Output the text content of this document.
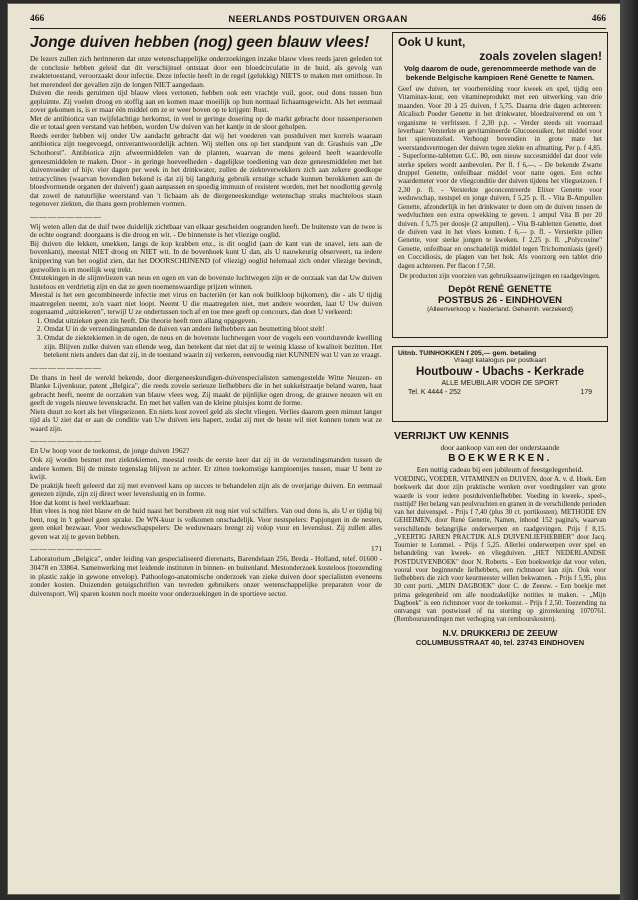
466	NEERLANDS POSTDUIVEN ORGAAN	466
Jonge duiven hebben (nog) geen blauw vlees!

De lezers zullen zich herinneren dat onze wetenschappelijke onderzoekingen inzake blauw vlees reeds jaren geleden tot de conclusie hebben geleid dat dit verschijnsel ontstaat door een bloedcirculatie in de huid, als gevolg van zwaktetoestand, veroorzaakt door infectie. Deze infectie heeft in de regel (gelukkig) NIETS te maken met ornithose. In het merendeel der gevallen zijn de longen NIET aangedaan.

Duiven die reeds geruimen tijd blauw vlees vertonen, hebben ook een vrachtje vuil, goor, oud dons tussen hun gepluimte. Zij voelen droog en stoffig aan en komen maar moeilijk op hun normaal lichaamsgewicht. Als het eenmaal zover gekomen is, is er maar één middel om ze er weer boven op te krijgen: Rust.

Met de antibiotica van twijfelachtige herkomst, in veel te geringe dosering op de markt gebracht door tussenpersonen die er totaal geen verstand van hebben, worden Uw duiven van het kantje in de sloot geholpen.

Reeds eerder hebben wij onder Uw aandacht gebracht dat wij het voederen van postduiven met korrels waaraan antibiotica zijn toegevoegd, ontverantwoordelijk achten. Wij stellen ons op het standpunt van dr. Grashuis van „De Schothorst". Antibiotica zijn afweermiddelen van de planten, waarvan de mens geleerd heeft waardevolle geneesmiddelen te maken. Door - in geringe hoeveelheden - dagelijkse toediening van deze geneesmiddelen met het duivenvoeder of bijv. vier dagen per week in het drinkwater, zullen de ziekteverwekkers zich aan zekere goedkope tetracyclines (waarvan bovendien bekend is dat zij bij langdurig gebruik ernstige schade kunnen berokkenen aan de bloedvormende organen der duiven!) gaan aanpassen en spoedig immuun of resistent worden, met het noodlottig gevolg dat zowel de natuurlijke weerstand van 't lichaam als de diergeneeskundige wetenschap straks machteloos staan tegenover ziekten, die thans geen problemen vormen.

————————

Wij weten allen dat de duif twee duidelijk zichtbaar van elkaar gescheiden oogranden heeft. De buitenste van de twee is de echte oogrand: doorgaans is die droog en wit. - De binnenste is het vliezige ooglid.

Bij duiven die lekken, smekken, langs de kop krabben enz., is dit ooglid (aan de kant van de snavel, iets aan de bovenkant), meestal NIET droog en NIET wit. In de bovenhoek kunt U dan, als U nauwkeurig observeert, na iedere knippering van het ooglid zien, dat het DOORSCHIJNEND (of vliezig) ooglid helemaal zich onder vliezige bevindt, gezwollen is en moeilijk weg trekt.

Ontstekingen in de slijmvliezen van neus en ogen en van de bovenste luchtwegen zijn er de oorzaak van dat Uw duiven lusteloos en verdrietig zijn en dat ze geen noemenswaardige prijzen winnen.

Meestal is het een gecombineerde infectie met virus en bacteriën (er kan ook builkloop bijkomen), die - als U tijdig maatregelen neemt, zo'n vaart niet loopt. Neemt U die maatregelen niet, met andere woorden, laat U Uw duiven zogenaamd „uitziekeren", terwijl U ze ondertussen toch af en toe mee geeft op concours, dan doet U verkeerd:

1. Omdat uitzieken geen zin heeft. Die theorie heeft men allang opgegeven.
2. Omdat U in de verzendingsmanden de duiven van andere liefhebbers aan besmetting bloot stelt!
3. Omdat de ziektekiemen in de ogen, de neus en de bovenste luchtwegen voor de vogels een voortdurende kwelling zijn. Blijven zulke duiven van ellende weg, dan betekent dat niet dat zij te weinig klasse of kwaliteit bezitten. Het betekent niets anders dan dat zij, in de toestand waarin zij verkeren, eenvoudig niet KUNNEN wat U van ze vraagt.
————————

De thans in heel de wereld bekende, door diergeneeskundigen-duivenspecialisten samengestelde Witte Neuzen- en Blanke Lijvenkuur, patent „Belgica", die reeds zovele serieuze liefhebbers die in het sukkelstraatje beland waren, baat gebracht heeft, neemt de oorzaken van blauw vlees weg. Zij maakt de pijnlijke ogen droog, de grauwe neuzen wit en geeft de vogels nieuwe levenskracht. En met het vallen van de kleine pluisjes komt de forme.

Niets duurt zo kort als het vliegseizoen. En niets kost zoveel geld als slecht vliegen. Verlies daarom geen minuut langer tijd als U ziet dat er aan de conditie van Uw duiven iets hapert, zodat zij met de beste wil niet kunnen tonen wat ze waard zijn.

————————

En Uw hoop voor de toekomst, de jonge duiven 1962?

Ook zij worden besmet met ziektekiemen, meestal reeds de eerste keer dat zij in de verzendingsmanden tussen de andere komen. Bij de minste tegenslag blijven ze achter. Er zitten toekomstige kampioentjes tussen, maar U bent ze kwijt.

De praktijk heeft geleerd dat zij met evenveel kans op succes te behandelen zijn als de overjarige duiven. En eenmaal genezen zijnde, zijn zij direct weer levenslustig en in forme.

Hoe dat komt is heel verklaarbaar.

Hun vlees is nog niet blauw en de huid naast het borstbeen zit nog niet vol schilfers. Van oud dons is, als U er tijdig bij bent, nog in 't geheel geen sprake. De WN-kuur is volkomen onschadelijk. Voor nestspelers: Papjongen in de nesten, geen enkel bezwaar. Voor weduwschapspelers: De weduwnaars brengt zij volop vuur en levenslust. Zij zullen alles geven wat zij te geven hebben.

————————	171

Laboratorium „Belgica", onder leiding van gespecialiseerd dierenarts, Barendelaan 256, Breda - Holland, telef. 01600 - 30478 en 33864. Samenwerking met leidende instituten in binnen- en buitenland. Mestonderzoek kosteloos (toezending in plastic zakje in gewone envelop). Pathoologo-anatomische onderzoek van zieke duiven door specialisten eveneens zonder kosten. Duizenden getuigschriften van tevreden gebruikers onzer wetenschappelijke preparaten voor de duivensport. Wij sparen kosten noch moeite voor onderzoekingen in de sportieve sector.

Ook U kunt,
zoals zovelen slagen!
Volg daarom de oude, gerenommeerde methode van de bekende Belgische kampioen René Genette te Namen.

Geef uw duiven, ter voorbereiding voor kweek en spel, tijdig een Vitaminax-kuur, een vitamineproduktt met een uitwerking van drie maanden. Voor 20 à 25 duiven, f 5,75. Daarna drie dagen achtereen: Alcalisch Poeder Genette in het drinkwater, bloedzuiverend en om 't organisme te verfrissen. f 2,30 p.p. - Verder steeds uit voorraad leverbaar: Versterkte en gevitamineerde Glucosesuiker, het middel voor het spierenstelsel. Verhoogt bovendien in grote mate het weerstandsvermogen der duiven tegen ziekte en afmatting. Per p. f 4,85. - Superforme-tabletten G.C. 80, een nieuw succesmiddel dat door vele sterke spelers wordt aanbevolen. Per fl. f 6,—. - De bekende Zwarte druppel Genette, onfeilbaar middel voor natte ogen. Een echte waardemeter voor de vliegconditie der duiven tijdens het vliegseizoen. f 2,30 p. fl. - Versterkte geconcentreerde Elixer Genette voor weduwschap, nestspel en jonge duiven, f 5,25 p. fl. - Vita B-Ampullen Genette, afzonderlijk in het drinkwater te doen om de duiven tussen de wedvluchten een extra opwekking te geven. 1 ampul Vita B per 20 duiven. f 5,75 per doosje (2 ampullen). - Vita B-tabletten Genette, doet de duiven vast in het vlees komen. f 6,— p. fl. - Versterkte pillen Genette, voor sterke jongen te kweken. f 2,25 p. fl. „Polycoxine" Genette, onfeilbaar en onschadelijk middel tegen Trichomoniasis (geel) en Coccidiosis, de plagen van het hok. Als voorzorg een tablet drie dagen achtereen. Per flacon f 7,50.

De producten zijn voorzien van gebruiksaanwijzingen en raadgevingen.

Depôt RENÉ GENETTE
POSTBUS 26 - EINDHOVEN
(Alleenverkoop v. Nederland. Geheimh. verzekerd)
Uitnb. TUINHOKKEN f 205,— gem. betaling
Vraagt katalogus per postkaart
Houtbouw - Ubachs - Kerkrade
ALLE MEUBILAIR VOOR DE SPORT
Tel. K 4444 - 252	179
VERRIJKT UW KENNIS
door aankoop van een der onderstaande
BOEKWERKEN.
Een nuttig cadeau bij een jubileum of feestgelegenheid.

VOEDING, VOEDER, VITAMINEN en DUIVEN, door A. v. d. Hoek. Een boekwerk dat door zijn praktische wenken over voedingsleer van grote waarde is voor iedere postduivenliefhebber. Voeding in kweek-, speel-, rusttijd? Het belang van peulvruchten en granen in de verschillende perioden van het duivenspel. - Prijs f 7,40 (plus 30 ct. portikosten). METHODE EN GEHEIMEN, door René Genette, Namen, inhoud 152 pagina's, waarvan verschillende belangrijke onderwerpen en raadgevingen. Prijs f 8,15. „VEERTIG JAREN PRACTIJK ALS DUIVENLIEFHEBBER" door Jacq. Tournier te Lommel. - Prijs f 5,25. Allerlei onderwerpen over spel en behandeling van kweek- en vliegduiven. „HET NEDERLANDSE POSTDUIVENBOEK" door N. Roberts. - Een boekwerkje dat voor velen, vooral voor beginnende liefhebbers, een richtsnoer kan zijn. Ook voor liefhebbers die zich voor keurmeester willen bekwamen. - Prijs f 5,95, plus 30 cent porti. „MIJN DAGBOEK" door C. de Zeeuw. - Een boekje met prima gelegenheid om alle noodzakelijke notities te maken. - „Mijn Dagboek" is een richtsnoer voor de toekomst. - Prijs f 2,50. Toezending na ontvangst van postwissel of na storting op girorekening 1070761. (Rembourszendingen met verhoging van rembourskosten).

N.V. DRUKKERIJ DE ZEEUW
COLUMBUSSTRAAT 40, tel. 23743 EINDHOVEN
